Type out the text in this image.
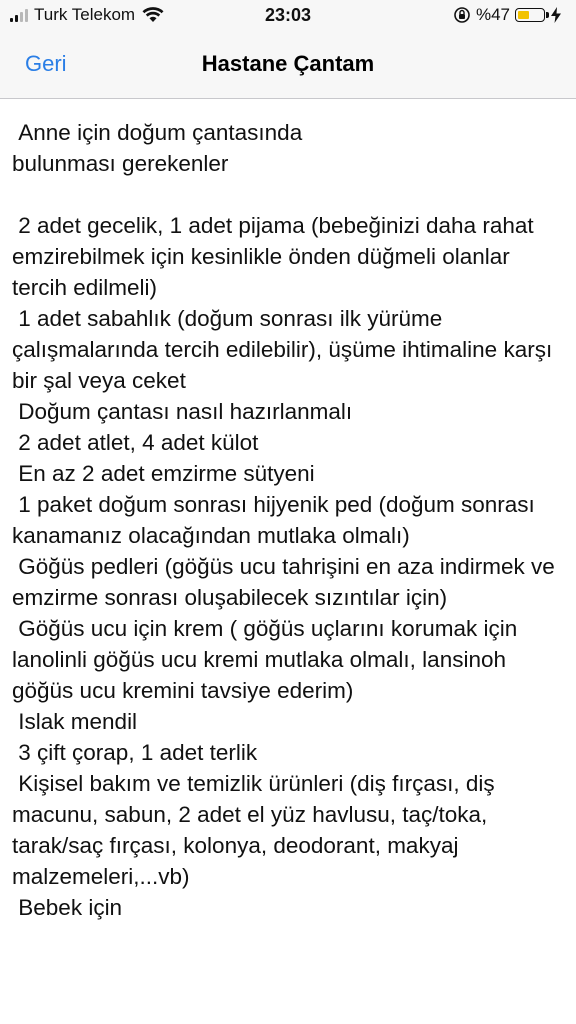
Turk Telekom	23:03	%47
Geri	Hastane Çantam

Anne için doğum çantasında
bulunması gerekenler

2 adet gecelik, 1 adet pijama (bebeğinizi daha rahat emzirebilmek için kesinlikle önden düğmeli olanlar tercih edilmeli)
1 adet sabahlık (doğum sonrası ilk yürüme çalışmalarında tercih edilebilir), üşüme ihtimaline karşı bir şal veya ceket
Doğum çantası nasıl hazırlanmalı
2 adet atlet, 4 adet külot
En az 2 adet emzirme sütyeni
1 paket doğum sonrası hijyenik ped (doğum sonrası kanamanız olacağından mutlaka olmalı)
Göğüs pedleri (göğüs ucu tahrişini en aza indirmek ve emzirme sonrası oluşabilecek sızıntılar için)
Göğüs ucu için krem ( göğüs uçlarını korumak için lanolinli göğüs ucu kremi mutlaka olmalı, lansinoh göğüs ucu kremini tavsiye ederim)
Islak mendil
3 çift çorap, 1 adet terlik
Kişisel bakım ve temizlik ürünleri (diş fırçası, diş macunu, sabun, 2 adet el yüz havlusu, taç/toka, tarak/saç fırçası, kolonya, deodorant, makyaj malzemeleri,...vb)
Bebek için
